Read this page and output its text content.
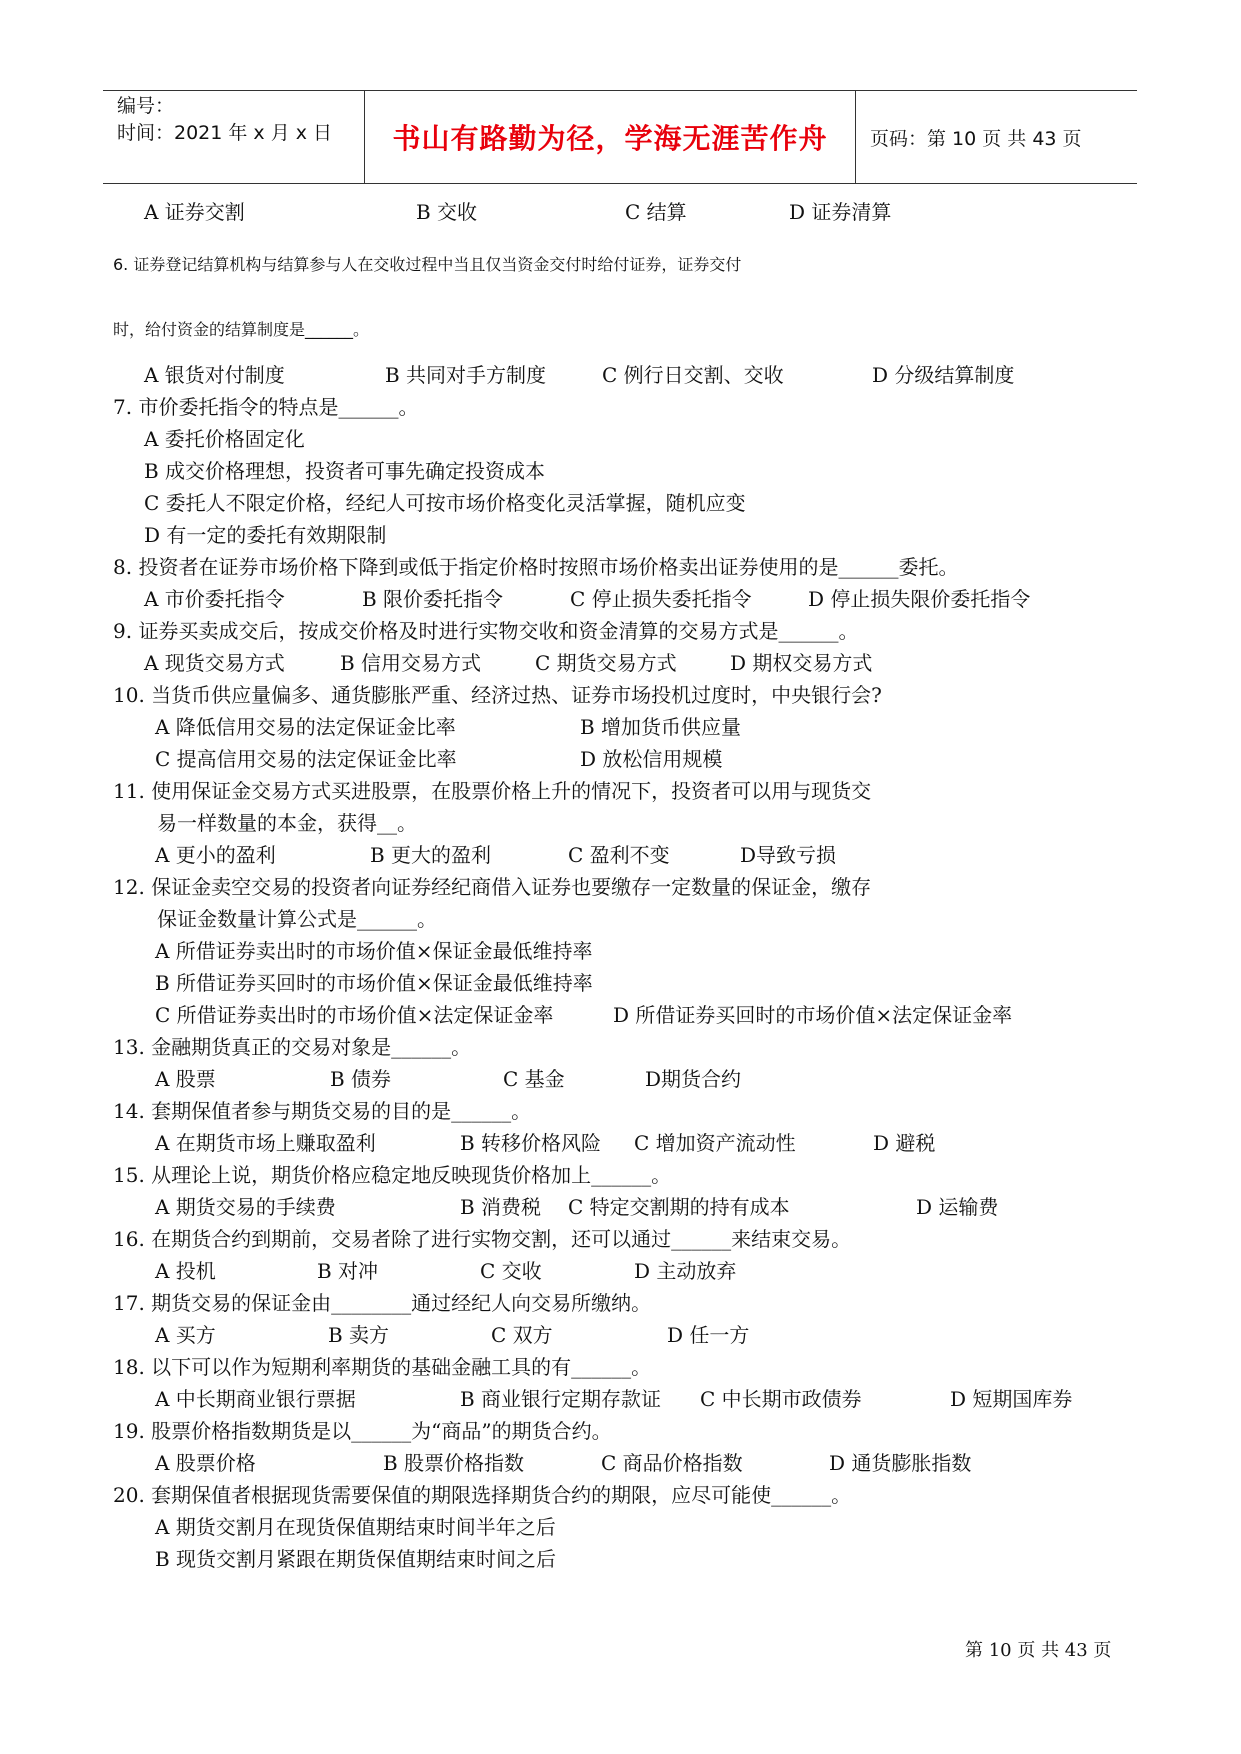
编号：
时间：2021 年 x 月 x 日	书山有路勤为径，学海无涯苦作舟	页码：第 10 页 共 43 页
A 证券交割	B 交收	C 结算	D 证券清算
6. 证券登记结算机构与结算参与人在交收过程中当且仅当资金交付时给付证券，证券交付
时，给付资金的结算制度是______。
A 银货对付制度	B 共同对手方制度	C 例行日交割、交收	D 分级结算制度
7. 市价委托指令的特点是______。
A 委托价格固定化
B 成交价格理想，投资者可事先确定投资成本
C 委托人不限定价格，经纪人可按市场价格变化灵活掌握，随机应变
D 有一定的委托有效期限制
8. 投资者在证券市场价格下降到或低于指定价格时按照市场价格卖出证券使用的是______委托。
A 市价委托指令	B 限价委托指令	C 停止损失委托指令	D 停止损失限价委托指令
9. 证券买卖成交后，按成交价格及时进行实物交收和资金清算的交易方式是______。
A 现货交易方式	B 信用交易方式	C 期货交易方式	D 期权交易方式
10. 当货币供应量偏多、通货膨胀严重、经济过热、证券市场投机过度时，中央银行会?
A 降低信用交易的法定保证金比率	B 增加货币供应量
C 提高信用交易的法定保证金比率	D 放松信用规模
11. 使用保证金交易方式买进股票，在股票价格上升的情况下，投资者可以用与现货交
易一样数量的本金，获得__。
A 更小的盈利	B 更大的盈利	C 盈利不变	D导致亏损
12. 保证金卖空交易的投资者向证券经纪商借入证券也要缴存一定数量的保证金，缴存
保证金数量计算公式是______。
A 所借证券卖出时的市场价值×保证金最低维持率
B 所借证券买回时的市场价值×保证金最低维持率
C 所借证券卖出时的市场价值×法定保证金率	D 所借证券买回时的市场价值×法定保证金率
13. 金融期货真正的交易对象是______。
A 股票	B 债券	C 基金	D期货合约
14. 套期保值者参与期货交易的目的是______。
A 在期货市场上赚取盈利	B 转移价格风险 C 增加资产流动性	D 避税
15. 从理论上说，期货价格应稳定地反映现货价格加上______。
A 期货交易的手续费	B 消费税 C 特定交割期的持有成本	D 运输费
16. 在期货合约到期前，交易者除了进行实物交割，还可以通过______来结束交易。
A 投机	B 对冲	C 交收	D 主动放弃
17. 期货交易的保证金由________通过经纪人向交易所缴纳。
A 买方	B 卖方	C 双方	D 任一方
18. 以下可以作为短期利率期货的基础金融工具的有______。
A 中长期商业银行票据	B 商业银行定期存款证 C 中长期市政债券	D 短期国库券
19. 股票价格指数期货是以______为“商品”的期货合约。
A 股票价格	B 股票价格指数	C 商品价格指数	D 通货膨胀指数
20. 套期保值者根据现货需要保值的期限选择期货合约的期限，应尽可能使______。
A 期货交割月在现货保值期结束时间半年之后
B 现货交割月紧跟在期货保值期结束时间之后
第 10 页 共 43 页
